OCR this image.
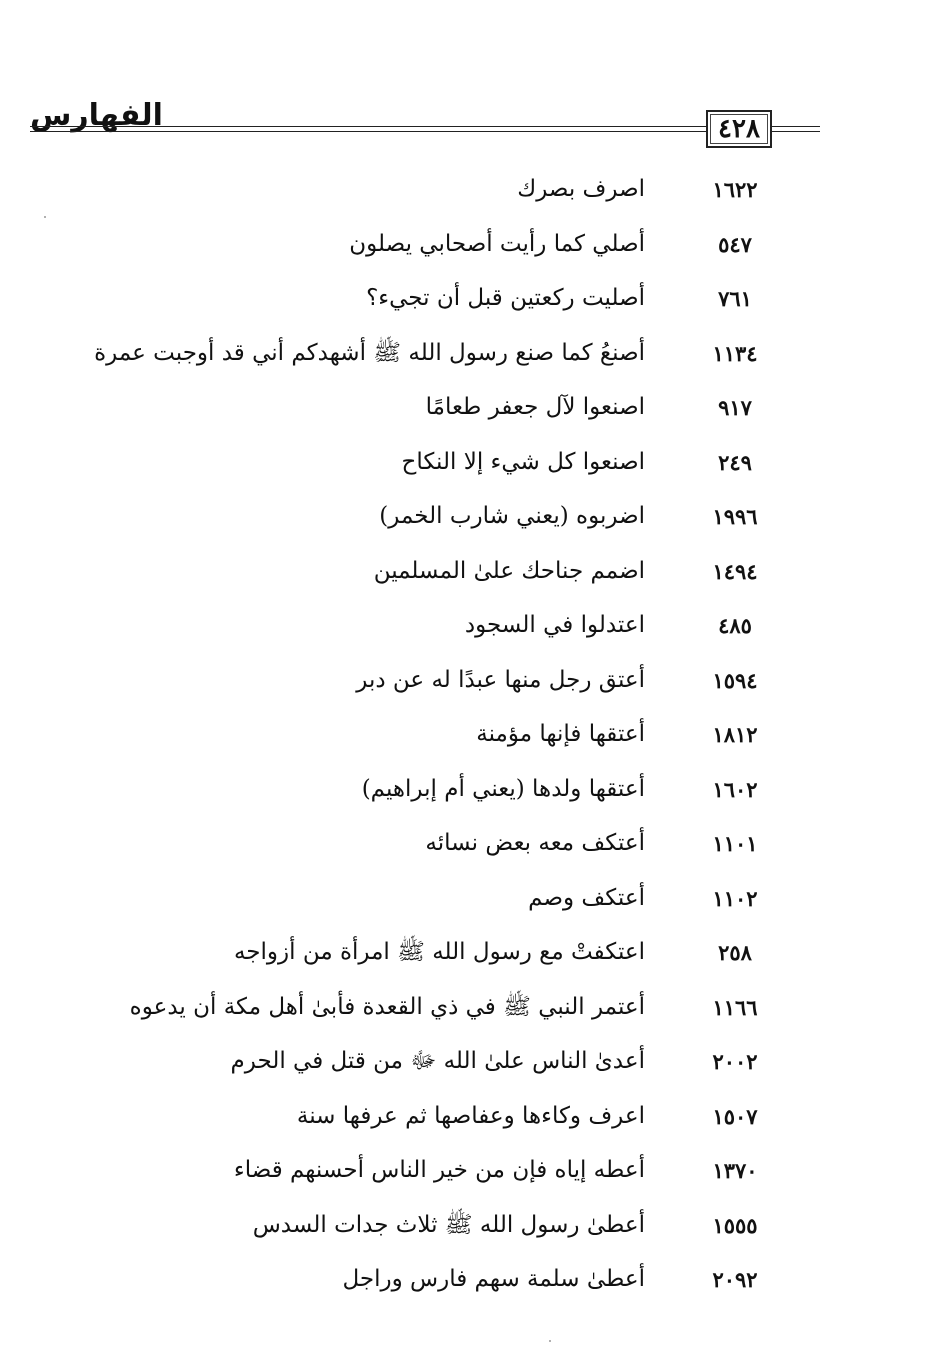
الفهارس	٤٢٨
١٦٢٢
اصرف بصرك
٥٤٧
أصلي كما رأيت أصحابي يصلون
٧٦١
أصليت ركعتين قبل أن تجيء؟
١١٣٤
أصنعُ كما صنع رسول الله ﷺ أشهدكم أني قد أوجبت عمرة
٩١٧
اصنعوا لآل جعفر طعامًا
٢٤٩
اصنعوا كل شيء إلا النكاح
١٩٩٦
اضربوه (يعني شارب الخمر)
١٤٩٤
اضمم جناحك علىٰ المسلمين
٤٨٥
اعتدلوا في السجود
١٥٩٤
أعتق رجل منها عبدًا له عن دبر
١٨١٢
أعتقها فإنها مؤمنة
١٦٠٢
أعتقها ولدها (يعني أم إبراهيم)
١١٠١
أعتكف معه بعض نسائه
١١٠٢
أعتكف وصم
٢٥٨
اعتكفتْ مع رسول الله ﷺ امرأة من أزواجه
١١٦٦
أعتمر النبي ﷺ في ذي القعدة فأبىٰ أهل مكة أن يدعوه
٢٠٠٢
أعدىٰ الناس علىٰ الله ﷻ من قتل في الحرم
١٥٠٧
اعرف وكاءها وعفاصها ثم عرفها سنة
١٣٧٠
أعطه إياه فإن من خير الناس أحسنهم قضاء
١٥٥٥
أعطىٰ رسول الله ﷺ ثلاث جدات السدس
٢٠٩٢
أعطىٰ سلمة سهم فارس وراجل
